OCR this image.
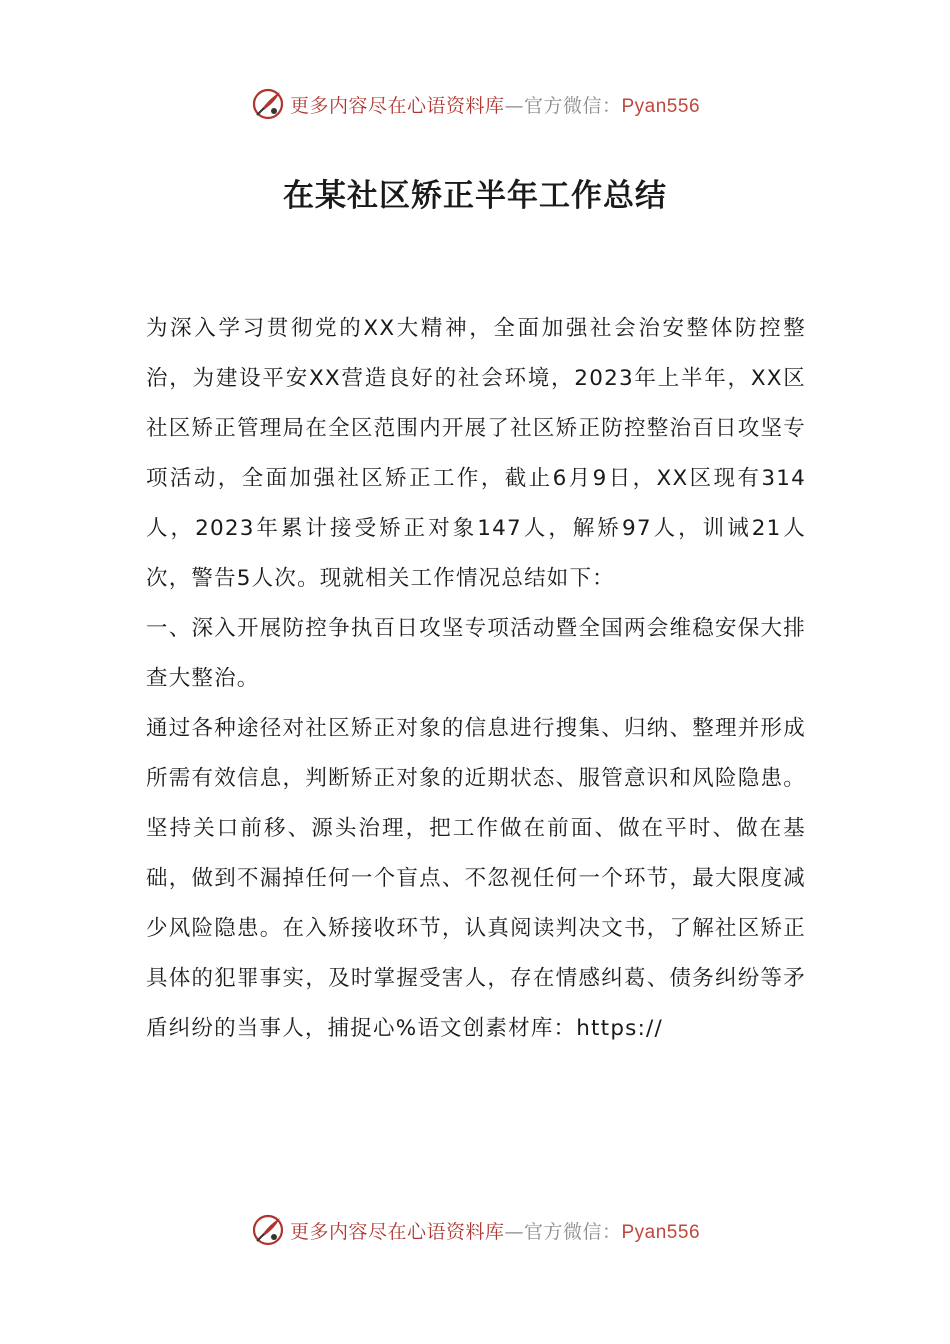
更多内容尽在心语资料库—官方微信：Pyan556
在某社区矫正半年工作总结

为深入学习贯彻党的XX大精神，全面加强社会治安整体防控整治，为建设平安XX营造良好的社会环境，2023年上半年，XX区社区矫正管理局在全区范围内开展了社区矫正防控整治百日攻坚专项活动，全面加强社区矫正工作，截止6月9日，XX区现有314人，2023年累计接受矫正对象147人，解矫97人，训诫21人次，警告5人次。现就相关工作情况总结如下：

一、深入开展防控争执百日攻坚专项活动暨全国两会维稳安保大排查大整治。

通过各种途径对社区矫正对象的信息进行搜集、归纳、整理并形成所需有效信息，判断矫正对象的近期状态、服管意识和风险隐患。坚持关口前移、源头治理，把工作做在前面、做在平时、做在基础，做到不漏掉任何一个盲点、不忽视任何一个环节，最大限度减少风险隐患。在入矫接收环节，认真阅读判决文书，了解社区矫正具体的犯罪事实，及时掌握受害人，存在情感纠葛、债务纠纷等矛盾纠纷的当事人，捕捉心%语文创素材库：https://

更多内容尽在心语资料库—官方微信：Pyan556
